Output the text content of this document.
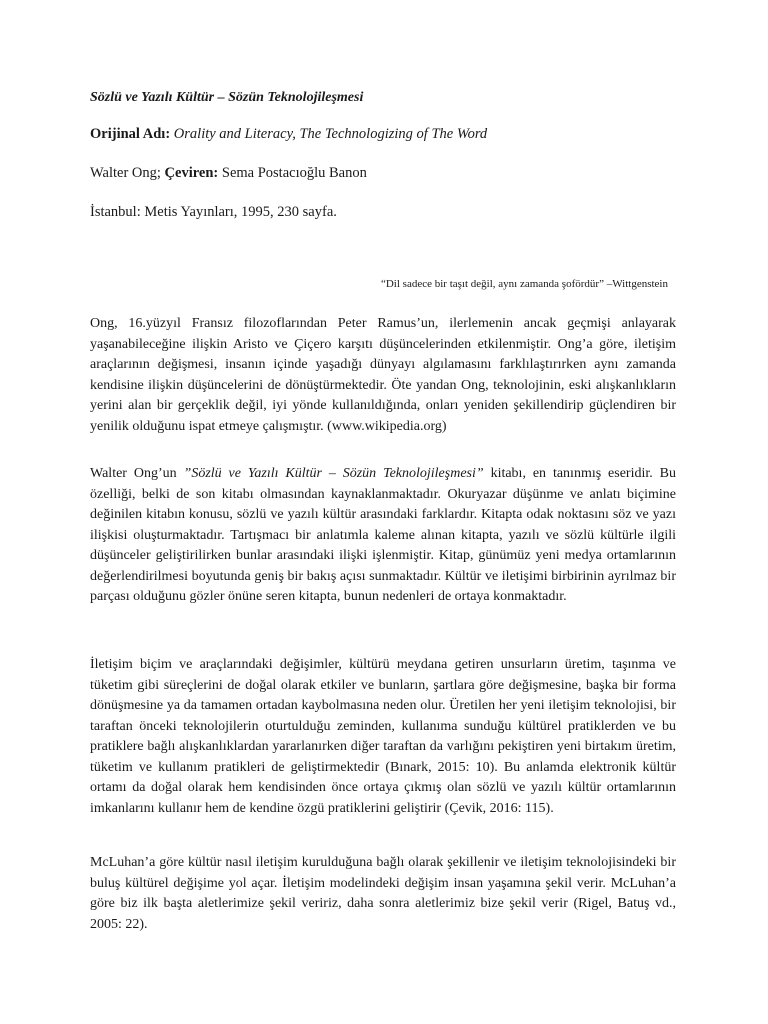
Sözlü ve Yazılı Kültür – Sözün Teknolojileşmesi
Orijinal Adı: Orality and Literacy, The Technologizing of The Word
Walter Ong; Çeviren: Sema Postacıoğlu Banon
İstanbul: Metis Yayınları, 1995, 230 sayfa.
“Dil sadece bir taşıt değil, aynı zamanda şofördür” –Wittgenstein

Ong, 16.yüzyıl Fransız filozoflarından Peter Ramus’un, ilerlemenin ancak geçmişi anlayarak yaşanabileceğine ilişkin Aristo ve Çiçero karşıtı düşüncelerinden etkilenmiştir. Ong’a göre, iletişim araçlarının değişmesi, insanın içinde yaşadığı dünyayı algılamasını farklılaştırırken aynı zamanda kendisine ilişkin düşüncelerini de dönüştürmektedir. Öte yandan Ong, teknolojinin, eski alışkanlıkların yerini alan bir gerçeklik değil, iyi yönde kullanıldığında, onları yeniden şekillendirip güçlendiren bir yenilik olduğunu ispat etmeye çalışmıştır. (www.wikipedia.org)

Walter Ong’un ”Sözlü ve Yazılı Kültür – Sözün Teknolojileşmesi” kitabı, en tanınmış eseridir. Bu özelliği, belki de son kitabı olmasından kaynaklanmaktadır. Okuryazar düşünme ve anlatı biçimine değinilen kitabın konusu, sözlü ve yazılı kültür arasındaki farklardır. Kitapta odak noktasını söz ve yazı ilişkisi oluşturmaktadır. Tartışmacı bir anlatımla kaleme alınan kitapta, yazılı ve sözlü kültürle ilgili düşünceler geliştirilirken bunlar arasındaki ilişki işlenmiştir. Kitap, günümüz yeni medya ortamlarının değerlendirilmesi boyutunda geniş bir bakış açısı sunmaktadır. Kültür ve iletişimi birbirinin ayrılmaz bir parçası olduğunu gözler önüne seren kitapta, bunun nedenleri de ortaya konmaktadır.

İletişim biçim ve araçlarındaki değişimler, kültürü meydana getiren unsurların üretim, taşınma ve tüketim gibi süreçlerini de doğal olarak etkiler ve bunların, şartlara göre değişmesine, başka bir forma dönüşmesine ya da tamamen ortadan kaybolmasına neden olur. Üretilen her yeni iletişim teknolojisi, bir taraftan önceki teknolojilerin oturtulduğu zeminden, kullanıma sunduğu kültürel pratiklerden ve bu pratiklere bağlı alışkanlıklardan yararlanırken diğer taraftan da varlığını pekiştiren yeni birtakım üretim, tüketim ve kullanım pratikleri de geliştirmektedir (Bınark, 2015: 10). Bu anlamda elektronik kültür ortamı da doğal olarak hem kendisinden önce ortaya çıkmış olan sözlü ve yazılı kültür ortamlarının imkanlarını kullanır hem de kendine özgü pratiklerini geliştirir (Çevik, 2016: 115).

McLuhan’a göre kültür nasıl iletişim kurulduğuna bağlı olarak şekillenir ve iletişim teknolojisindeki bir buluş kültürel değişime yol açar. İletişim modelindeki değişim insan yaşamına şekil verir. McLuhan’a göre biz ilk başta aletlerimize şekil veririz, daha sonra aletlerimiz bize şekil verir (Rigel, Batuş vd., 2005: 22).
